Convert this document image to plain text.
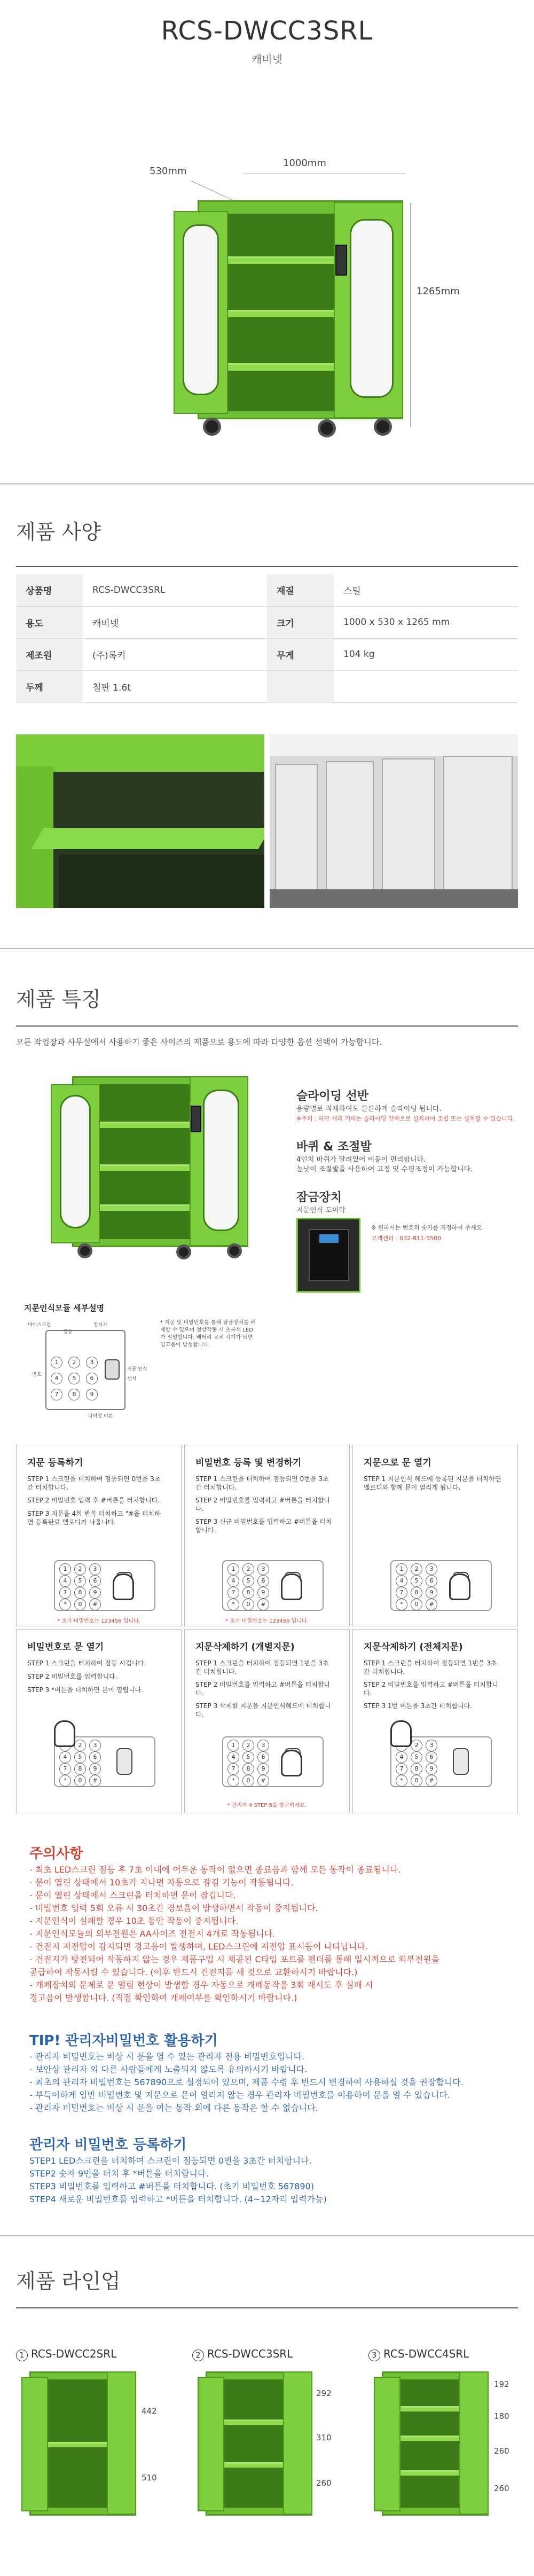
RCS-DWCC3SRL
캐비넷
530mm
1000mm
1265mm
제품 사양
상품명	RCS-DWCC3SRL	재질	스틸
용도	캐비넷	크기	1000 x 530 x 1265 mm
제조원	(주)록키	무게	104 kg
두께	철판 1.6t		
제품 특징
모든 작업장과 사무실에서 사용하기 좋은 사이즈의 제품으로 용도에 따라 다양한 옵션 선택이 가능합니다.
슬라이딩 선반
용량별로 적재하여도 튼튼하게 슬라이딩 됩니다.
※주의 : 하단 캐리 커버는 슬라이딩 안쪽으로 설치하여 조립 또는 설치할 수 있습니다.
바퀴 & 조절발
4인치 바퀴가 달려있어 이동이 편리합니다.
높낮이 조절발을 사용하여 고정 및 수평조정이 가능합니다.
잠금장치
지문인식 도어락
※ 원하시는 번호의 숫자를 지정하여 주세요
고객센터 : 032-811-5500
지문인식모듈 세부설명
1	2	3
4	5	6
7	8	9
마이스크린
점등
일시자
번호
지문 인식 센서
다이얼 버튼
* 지문 및 비밀번호를 통해 잠금장치를 해제할 수 있으며 정상작동 시 초록색 LED가 점멸합니다. 배터리 교체 시기가 되면 경고음이 발생합니다.
지문 등록하기
STEP 1 스크린을 터치하여 점등되면 0번을 3초간 터치합니다.
STEP 2 비밀번호 입력 후 #버튼을 터치합니다.
STEP 3 지문을 4회 반복 터치하고 "#을 터치하면 등록완료 멜로디가 나옵니다.
1	2	3
4	5	6
7	8	9
*	0	#
* 초기 비밀번호는 123456 입니다.
비밀번호 등록 및 변경하기
STEP 1 스크린을 터치하여 점등되면 0번을 3초간 터치합니다.
STEP 2 비밀번호를 입력하고 #버튼을 터치합니다.
STEP 3 신규 비밀번호를 입력하고 #버튼을 터치합니다.
1	2	3
4	5	6
7	8	9
*	0	#
* 초기 비밀번호는 123456 입니다.
지문으로 문 열기
STEP 1 지문인식 헤드에 등록된 지문을 터치하면 멜로디와 함께 문이 열리게 됩니다.
1	2	3
4	5	6
7	8	9
*	0	#
비밀번호로 문 열기
STEP 1 스크린을 터치하여 점등 시킵니다.
STEP 2 비밀번호를 입력합니다.
STEP 3 *버튼을 터치하면 문이 열립니다.
2	3
4	5	6
7	8	9
*	0	#
지문삭제하기 (개별지문)
STEP 1 스크린을 터치하여 점등되면 1번을 3초간 터치합니다.
STEP 2 비밀번호를 입력하고 #버튼을 터치합니다.
STEP 3 삭제할 지문을 지문인식헤드에 터치합니다.
1	2	3
4	5	6
7	8	9
*	0	#
* 관리자 4 STEP 5를 참고하세요.
지문삭제하기 (전체지문)
STEP 1 스크린을 터치하여 점등되면 1번을 3초간 터치합니다.
STEP 2 비밀번호를 입력하고 #버튼을 터치합니다.
STEP 3 1번 버튼을 3초간 터치합니다.
2	3
4	5	6
7	8	9
*	0	#
주의사항
- 최초 LED스크린 점등 후 7초 이내에 어두운 동작이 없으면 종료음과 함께 모든 동작이 종료됩니다.
- 문이 열린 상태에서 10초가 지나면 자동으로 잠김 기능이 작동됩니다.
- 문이 열린 상태에서 스크린을 터치하면 문이 잠깁니다.
- 비밀번호 입력 5회 오류 시 30초간 경보음이 발생하면서 작동이 중지됩니다.
- 지문인식이 실패할 경우 10초 동안 작동이 중지됩니다.
- 지문인식모듈의 외부전원은 AA사이즈 전전지 4개로 작동됩니다.
- 건전지 저전압이 감지되면 경고음이 발생하며, LED스크린에 저전압 표시등이 나타납니다.
- 건전지가 방전되어 작동하지 않는 경우 제품구입 시 제공된 C타입 포트를 젠더를 통해 일시적으로 외부전원을
공급하여 작동시킬 수 있습니다. (이후 반드시 건전지를 새 것으로 교환하시기 바랍니다.)
- 개폐장치의 문제로 문 열림 현상이 발생할 경우 자동으로 개폐동작을 3회 재시도 후 실패 시
경고음이 발생합니다. (직접 확인하여 개폐여부를 확인하시기 바랍니다.)
TIP! 관리자비밀번호 활용하기
- 관리자 비밀번호는 비상 시 문을 열 수 있는 관리자 전용 비밀번호입니다.
- 보안상 관리자 외 다른 사람들에게 노출되지 않도록 유의하시기 바랍니다.
- 최초의 관리자 비밀번호는 567890으로 설정되어 있으며, 제품 수령 후 반드시 변경하여 사용하실 것을 권장합니다.
- 부득이하게 일반 비밀번호 및 지문으로 문이 열리지 않는 경우 관리자 비밀번호를 이용하여 문을 열 수 있습니다.
- 관리자 비밀번호는 비상 시 문을 여는 동작 외에 다른 동작은 할 수 없습니다.
관리자 비밀번호 등록하기
STEP1 LED스크린을 터치하여 스크린이 점등되면 0번을 3초간 터치합니다.
STEP2 숫자 9번을 터치 후 *버튼을 터치합니다.
STEP3 비밀번호를 입력하고 #버튼을 터치합니다. (초기 비밀번호 567890)
STEP4 새로운 비밀번호를 입력하고 *버튼을 터치합니다. (4~12자리 입력가능)
제품 라인업
1 RCS-DWCC2SRL
442
510
2 RCS-DWCC3SRL
292
310
260
3 RCS-DWCC4SRL
192
180
260
260
